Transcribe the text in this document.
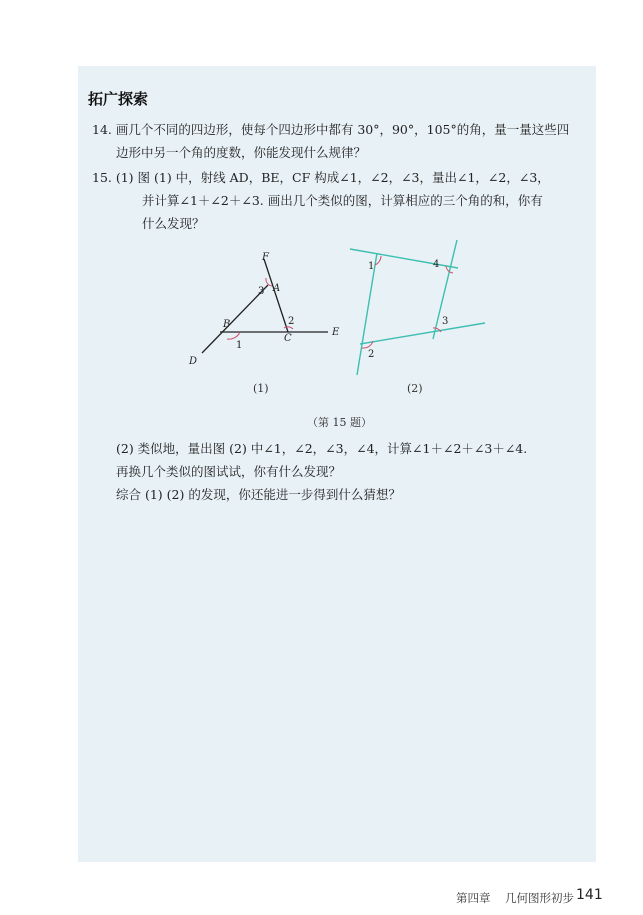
拓广探索
14. 画几个不同的四边形，使每个四边形中都有 30°，90°，105°的角，量一量这些四
边形中另一个角的度数，你能发现什么规律？
15. (1) 图 (1) 中，射线 AD，BE，CF 构成∠1，∠2，∠3，量出∠1，∠2，∠3，
并计算∠1＋∠2＋∠3. 画出几个类似的图，计算相应的三个角的和，你有
什么发现？
F
A
3
B
1
2
C
E
D
(1)
1	4
3
2
(2)
（第 15 题）
(2) 类似地，量出图 (2) 中∠1，∠2，∠3，∠4，计算∠1＋∠2＋∠3＋∠4.
再换几个类似的图试试，你有什么发现？
综合 (1) (2) 的发现，你还能进一步得到什么猜想？
第四章 几何图形初步 141
